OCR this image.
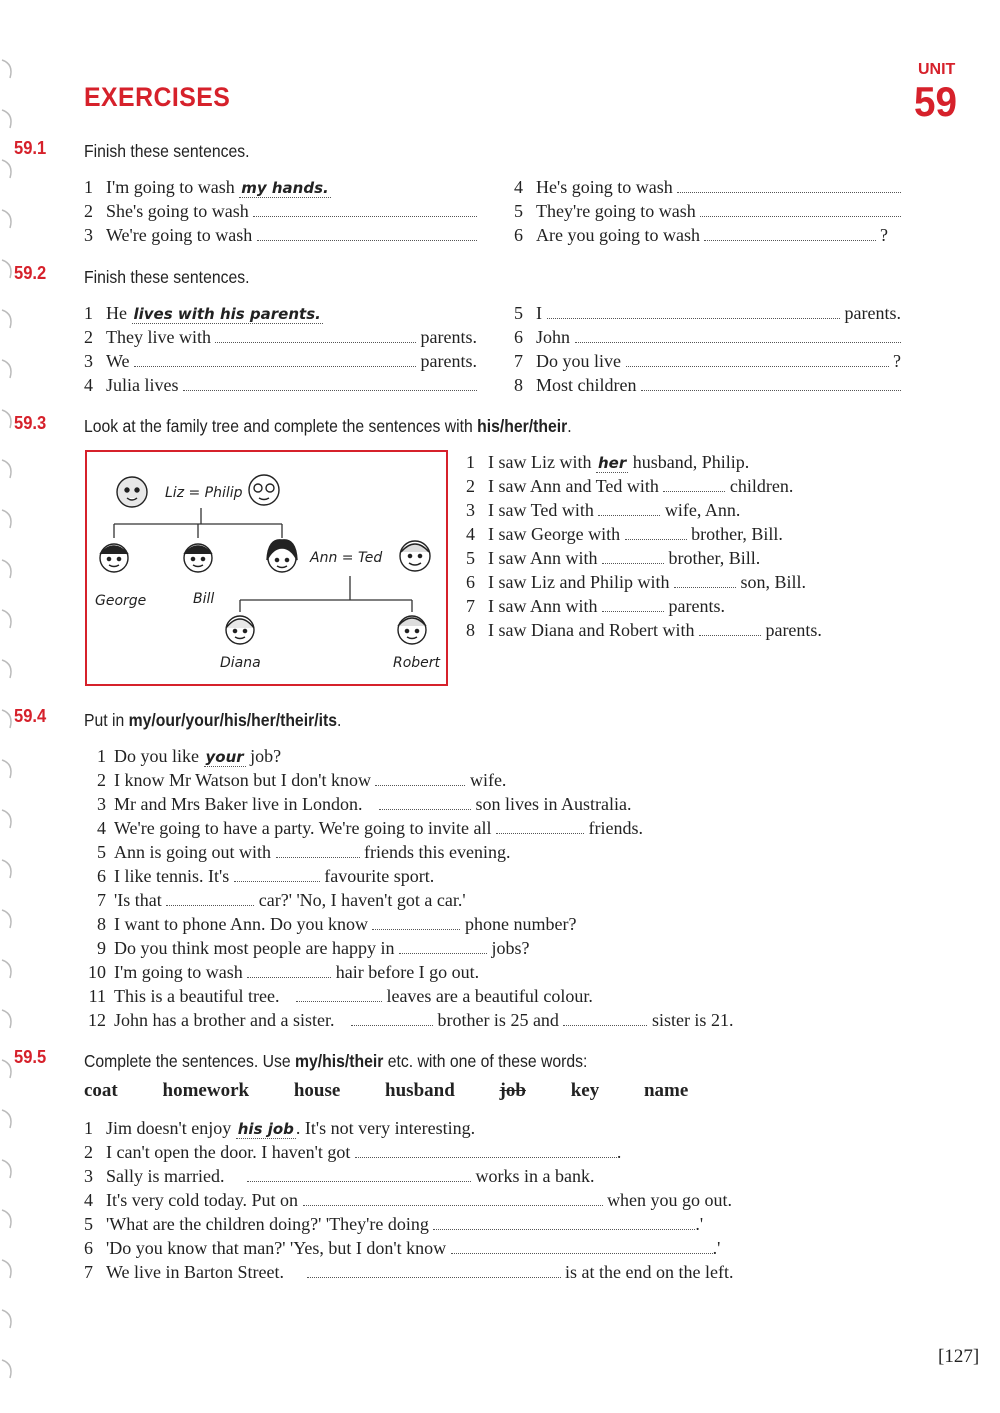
EXERCISES
UNIT
59
59.1 Finish these sentences.
1 I'm going to wash my hands.
2 She's going to wash
3 We're going to wash
4 He's going to wash
5 They're going to wash
6 Are you going to wash	?
59.2 Finish these sentences.
1 He lives with his parents.
2 They live with	parents.
3 We	parents.
4 Julia lives
5 I	parents.
6 John
7 Do you live	?
8 Most children
59.3 Look at the family tree and complete the sentences with his/her/their.
Liz = Philip
George	Bill
Ann = Ted
Diana	Robert
1 I saw Liz with her husband, Philip.
2 I saw Ann and Ted with	children.
3 I saw Ted with	wife, Ann.
4 I saw George with	brother, Bill.
5 I saw Ann with	brother, Bill.
6 I saw Liz and Philip with	son, Bill.
7 I saw Ann with	parents.
8 I saw Diana and Robert with	parents.
59.4 Put in my/our/your/his/her/their/its.
1 Do you like your job?
2 I know Mr Watson but I don't know	wife.
3 Mr and Mrs Baker live in London.	son lives in Australia.
4 We're going to have a party. We're going to invite all	friends.
5 Ann is going out with	friends this evening.
6 I like tennis. It's	favourite sport.
7 'Is that	car?' 'No, I haven't got a car.'
8 I want to phone Ann. Do you know	phone number?
9 Do you think most people are happy in	jobs?
10 I'm going to wash	hair before I go out.
11 This is a beautiful tree.	leaves are a beautiful colour.
12 John has a brother and a sister.	brother is 25 and	sister is 21.
59.5 Complete the sentences. Use my/his/their etc. with one of these words:
coat homework house husband job key name
1 Jim doesn't enjoy his job . It's not very interesting.
2 I can't open the door. I haven't got	.
3 Sally is married.	works in a bank.
4 It's very cold today. Put on	when you go out.
5 'What are the children doing?' 'They're doing	.'
6 'Do you know that man?' 'Yes, but I don't know	.'
7 We live in Barton Street.	is at the end on the left.
[127]
